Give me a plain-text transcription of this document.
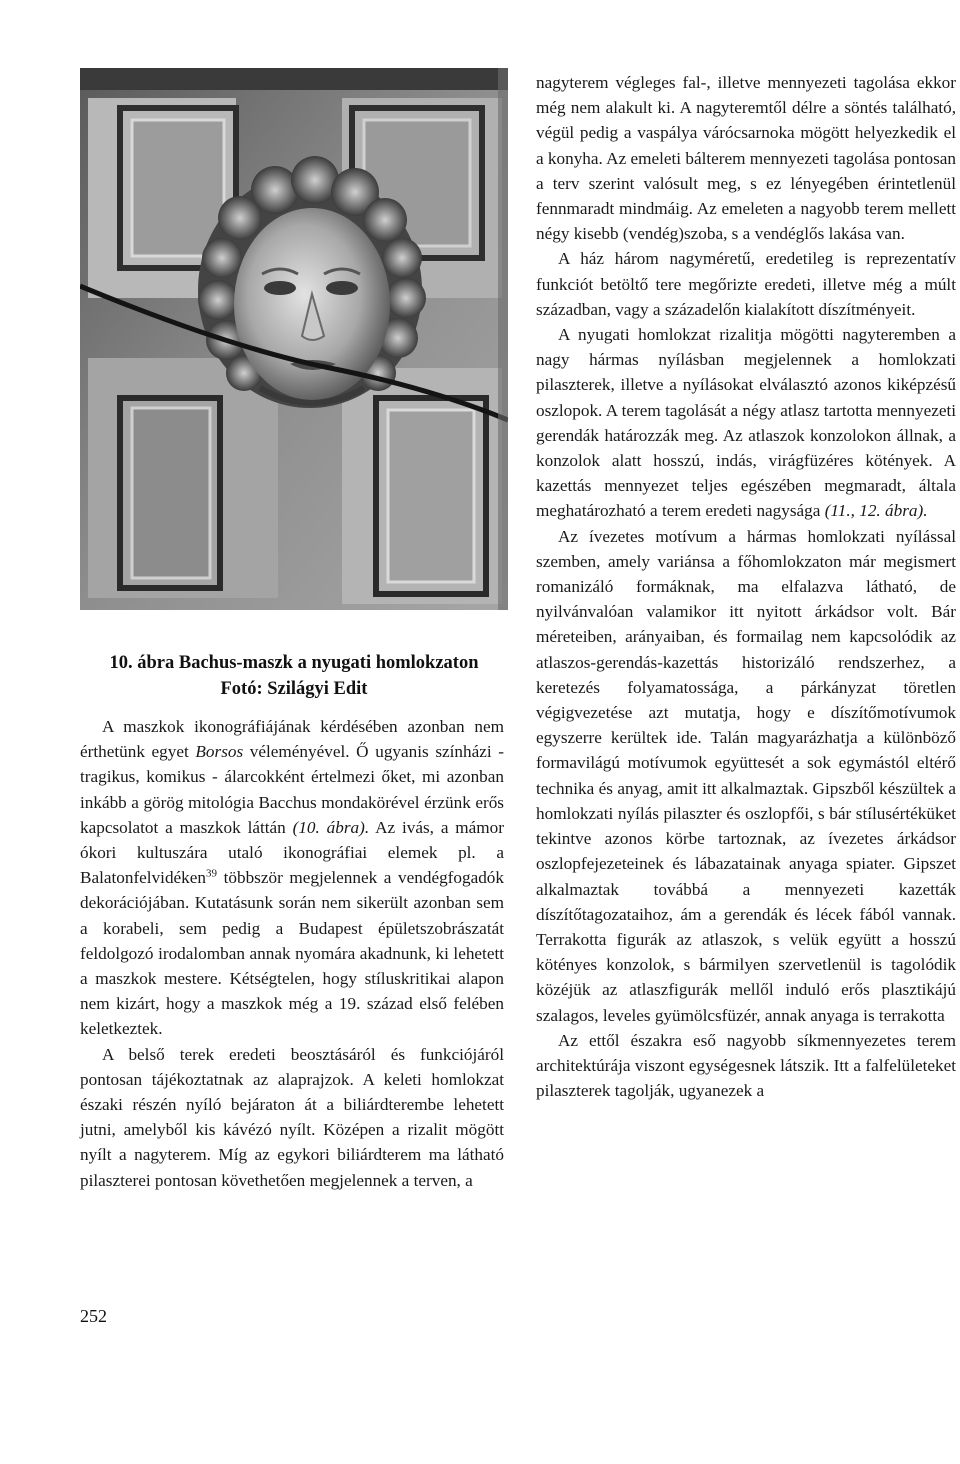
10. ábra Bachus-maszk a nyugati homlokzaton
Fotó: Szilágyi Edit

A maszkok ikonográfiájának kérdésében azonban nem érthetünk egyet Borsos véleményével. Ő ugyanis színházi - tragikus, komikus - álarcokként értelmezi őket, mi azonban inkább a görög mitológia Bacchus mondakörével érzünk erős kapcsolatot a maszkok láttán (10. ábra). Az ivás, a mámor ókori kultuszára utaló ikonográfiai elemek pl. a Balatonfelvidéken$^{39}$ többször megjelennek a vendégfogadók dekorációjában. Kutatásunk során nem sikerült azonban sem a korabeli, sem pedig a Budapest épületszobrászatát feldolgozó irodalomban annak nyomára akadnunk, ki lehetett a maszkok mestere. Kétségtelen, hogy stíluskritikai alapon nem kizárt, hogy a maszkok még a 19. század első felében keletkeztek.

A belső terek eredeti beosztásáról és funkciójáról pontosan tájékoztatnak az alaprajzok. A keleti homlokzat északi részén nyíló bejáraton át a biliárdterembe lehetett jutni, amelyből kis kávézó nyílt. Középen a rizalit mögött nyílt a nagyterem. Míg az egykori biliárdterem ma látható pilaszterei pontosan követhetően megjelennek a terven, a

nagyterem végleges fal-, illetve mennyezeti tagolása ekkor még nem alakult ki. A nagyteremtől délre a söntés található, végül pedig a vaspálya várócsarnoka mögött helyezkedik el a konyha. Az emeleti bálterem mennyezeti tagolása pontosan a terv szerint valósult meg, s ez lényegében érintetlenül fennmaradt mindmáig. Az emeleten a nagyobb terem mellett négy kisebb (vendég)szoba, s a vendéglős lakása van.

A ház három nagyméretű, eredetileg is reprezentatív funkciót betöltő tere megőrizte eredeti, illetve még a múlt században, vagy a századelőn kialakított díszítményeit.

A nyugati homlokzat rizalitja mögötti nagyteremben a nagy hármas nyílásban megjelennek a homlokzati pilaszterek, illetve a nyílásokat elválasztó azonos kiképzésű oszlopok. A terem tagolását a négy atlasz tartotta mennyezeti gerendák határozzák meg. Az atlaszok konzolokon állnak, a konzolok alatt hosszú, indás, virágfüzéres kötények. A kazettás mennyezet teljes egészében megmaradt, általa meghatározható a terem eredeti nagysága (11., 12. ábra).

Az ívezetes motívum a hármas homlokzati nyílással szemben, amely variánsa a főhomlokzaton már megismert romanizáló formáknak, ma elfalazva látható, de nyilvánvalóan valamikor itt nyitott árkádsor volt. Bár méreteiben, arányaiban, és formailag nem kapcsolódik az atlaszos-gerendás-kazettás historizáló rendszerhez, a keretezés folyamatossága, a párkányzat töretlen végigvezetése azt mutatja, hogy e díszítőmotívumok egyszerre kerültek ide. Talán magyarázhatja a különböző formavilágú motívumok együttesét a sok egymástól eltérő technika és anyag, amit itt alkalmaztak. Gipszből készültek a homlokzati nyílás pilaszter és oszlopfői, s bár stílusértéküket tekintve azonos körbe tartoznak, az ívezetes árkádsor oszlopfejezeteinek és lábazatainak anyaga spiater. Gipszet alkalmaztak továbbá a mennyezeti kazetták díszítőtagozataihoz, ám a gerendák és lécek fából vannak. Terrakotta figurák az atlaszok, s velük együtt a hosszú kötényes konzolok, s bármilyen szervetlenül is tagolódik közéjük az atlaszfigurák mellől induló erős plasztikájú szalagos, leveles gyümölcsfüzér, annak anyaga is terrakotta

Az ettől északra eső nagyobb síkmennyezetes terem architektúrája viszont egységesnek látszik. Itt a falfelületeket pilaszterek tagolják, ugyanezek a

252
